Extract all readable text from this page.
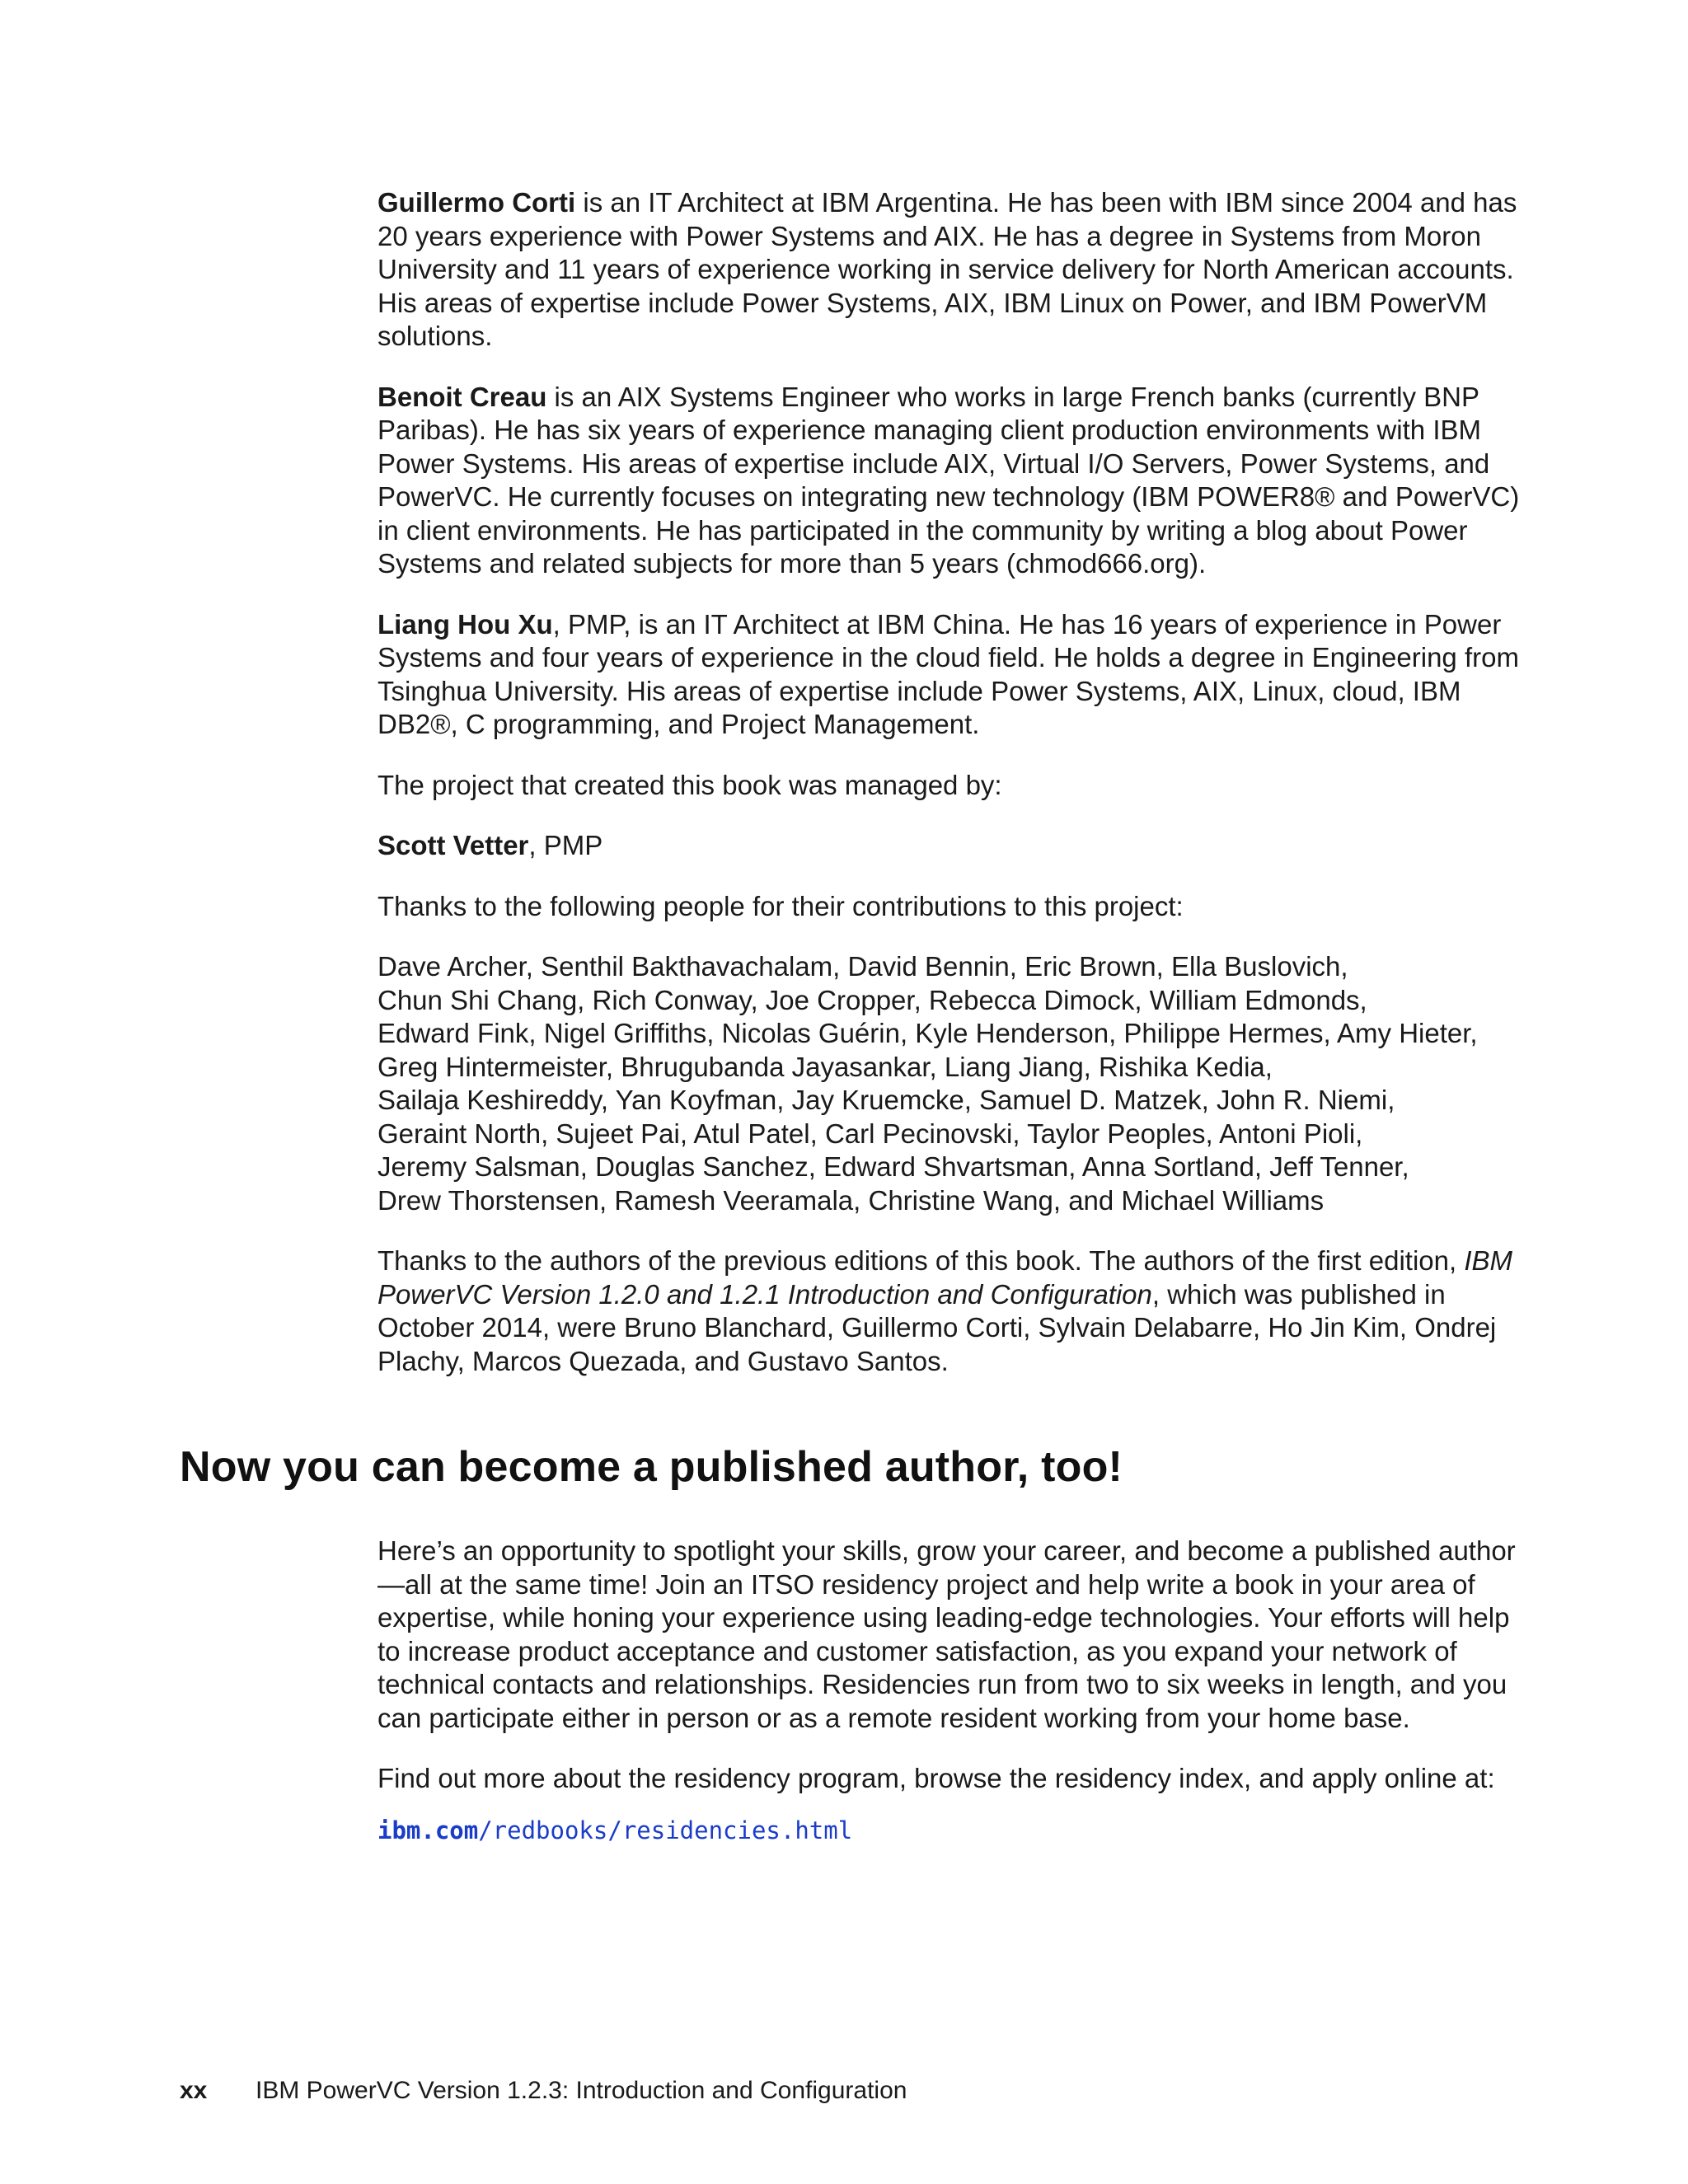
Guillermo Corti is an IT Architect at IBM Argentina. He has been with IBM since 2004 and has 20 years experience with Power Systems and AIX. He has a degree in Systems from Moron University and 11 years of experience working in service delivery for North American accounts. His areas of expertise include Power Systems, AIX, IBM Linux on Power, and IBM PowerVM solutions.

Benoit Creau is an AIX Systems Engineer who works in large French banks (currently BNP Paribas). He has six years of experience managing client production environments with IBM Power Systems. His areas of expertise include AIX, Virtual I/O Servers, Power Systems, and PowerVC. He currently focuses on integrating new technology (IBM POWER8® and PowerVC) in client environments. He has participated in the community by writing a blog about Power Systems and related subjects for more than 5 years (chmod666.org).

Liang Hou Xu, PMP, is an IT Architect at IBM China. He has 16 years of experience in Power Systems and four years of experience in the cloud field. He holds a degree in Engineering from Tsinghua University. His areas of expertise include Power Systems, AIX, Linux, cloud, IBM DB2®, C programming, and Project Management.

The project that created this book was managed by:

Scott Vetter, PMP

Thanks to the following people for their contributions to this project:

Dave Archer, Senthil Bakthavachalam, David Bennin, Eric Brown, Ella Buslovich,
Chun Shi Chang, Rich Conway, Joe Cropper, Rebecca Dimock, William Edmonds,
Edward Fink, Nigel Griffiths, Nicolas Guérin, Kyle Henderson, Philippe Hermes, Amy Hieter,
Greg Hintermeister, Bhrugubanda Jayasankar, Liang Jiang, Rishika Kedia,
Sailaja Keshireddy, Yan Koyfman, Jay Kruemcke, Samuel D. Matzek, John R. Niemi,
Geraint North, Sujeet Pai, Atul Patel, Carl Pecinovski, Taylor Peoples, Antoni Pioli,
Jeremy Salsman, Douglas Sanchez, Edward Shvartsman, Anna Sortland, Jeff Tenner,
Drew Thorstensen, Ramesh Veeramala, Christine Wang, and Michael Williams

Thanks to the authors of the previous editions of this book. The authors of the first edition, IBM PowerVC Version 1.2.0 and 1.2.1 Introduction and Configuration, which was published in October 2014, were Bruno Blanchard, Guillermo Corti, Sylvain Delabarre, Ho Jin Kim, Ondrej Plachy, Marcos Quezada, and Gustavo Santos.

Now you can become a published author, too!

Here’s an opportunity to spotlight your skills, grow your career, and become a published author—all at the same time! Join an ITSO residency project and help write a book in your area of expertise, while honing your experience using leading-edge technologies. Your efforts will help to increase product acceptance and customer satisfaction, as you expand your network of technical contacts and relationships. Residencies run from two to six weeks in length, and you can participate either in person or as a remote resident working from your home base.

Find out more about the residency program, browse the residency index, and apply online at:

ibm.com/redbooks/residencies.html
xx IBM PowerVC Version 1.2.3: Introduction and Configuration
